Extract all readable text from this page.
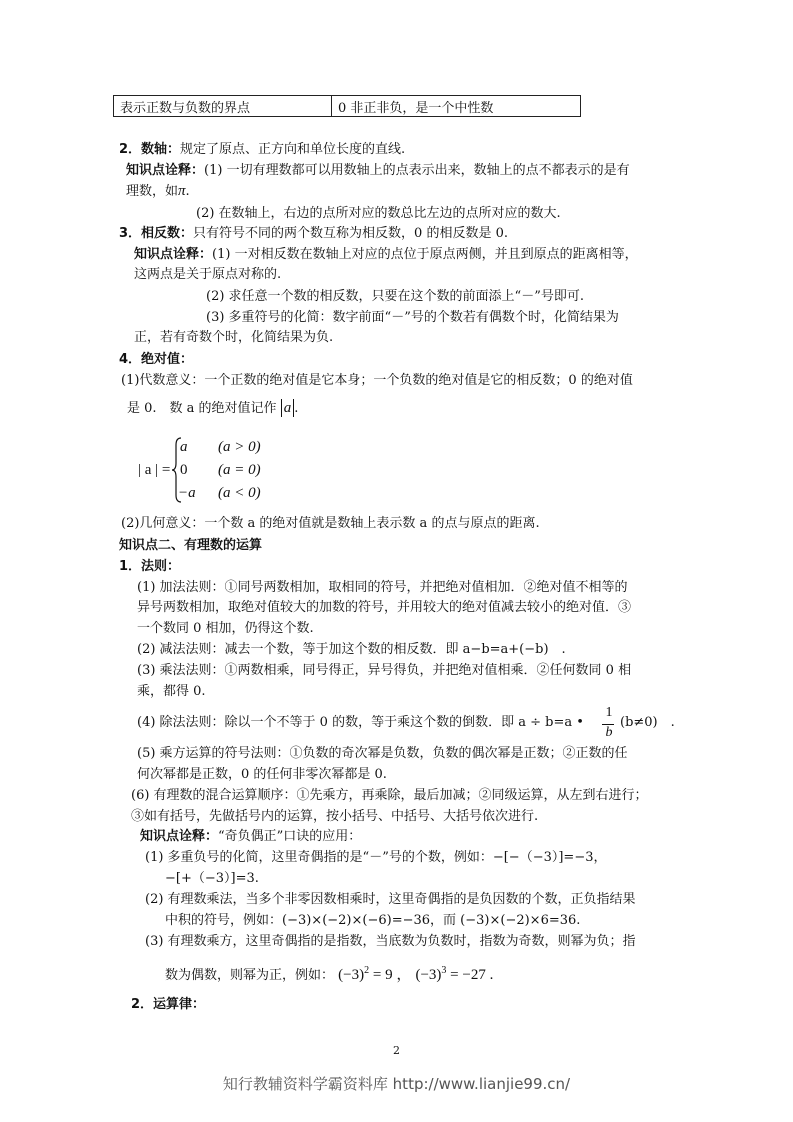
表示正数与负数的界点	0 非正非负，是一个中性数
2．数轴：规定了原点、正方向和单位长度的直线.
知识点诠释：(1) 一切有理数都可以用数轴上的点表示出来，数轴上的点不都表示的是有
理数，如π.
(2) 在数轴上，右边的点所对应的数总比左边的点所对应的数大.
3．相反数：只有符号不同的两个数互称为相反数，0 的相反数是 0.
知识点诠释：(1) 一对相反数在数轴上对应的点位于原点两侧，并且到原点的距离相等，
这两点是关于原点对称的.
(2) 求任意一个数的相反数，只要在这个数的前面添上“－”号即可.
(3) 多重符号的化简：数字前面“－”号的个数若有偶数个时，化简结果为
正，若有奇数个时，化简结果为负.
4．绝对值：
(1)代数意义：一个正数的绝对值是它本身；一个负数的绝对值是它的相反数；0 的绝对值
是 0.　数 a 的绝对值记作 a .
| a | =
a (a > 0)
0 (a = 0)
−a (a < 0)
(2)几何意义：一个数 a 的绝对值就是数轴上表示数 a 的点与原点的距离.
知识点二、有理数的运算
1．法则：
(1) 加法法则：①同号两数相加，取相同的符号，并把绝对值相加．②绝对值不相等的
异号两数相加，取绝对值较大的加数的符号，并用较大的绝对值减去较小的绝对值．③
一个数同 0 相加，仍得这个数.
(2) 减法法则：减去一个数，等于加这个数的相反数．即 a−b=a+(−b)　.
(3) 乘法法则：①两数相乘，同号得正，异号得负，并把绝对值相乘．②任何数同 0 相
乘，都得 0.
(4) 除法法则：除以一个不等于 0 的数，等于乘这个数的倒数．即 a ÷ b=a •
1
b
(b≠0)　.
(5) 乘方运算的符号法则：①负数的奇次幂是负数，负数的偶次幂是正数；②正数的任
何次幂都是正数，0 的任何非零次幂都是 0.
(6) 有理数的混合运算顺序：①先乘方，再乘除，最后加减；②同级运算，从左到右进行；
③如有括号，先做括号内的运算，按小括号、中括号、大括号依次进行.
知识点诠释：“奇负偶正”口诀的应用：
(1) 多重负号的化简，这里奇偶指的是“－”号的个数，例如：−[−（−3）]=−3，
−[+（−3）]=3.
(2) 有理数乘法，当多个非零因数相乘时，这里奇偶指的是负因数的个数，正负指结果
中积的符号，例如：(−3)×(−2)×(−6)=−36，而 (−3)×(−2)×6=36.
(3) 有理数乘方，这里奇偶指的是指数，当底数为负数时，指数为奇数，则幂为负；指
数为偶数，则幂为正，例如： $(-3)^2 = 9$ ， $(-3)^3 = -27$ .
2．运算律：
2
知行教辅资料学霸资料库 http://www.lianjie99.cn/
